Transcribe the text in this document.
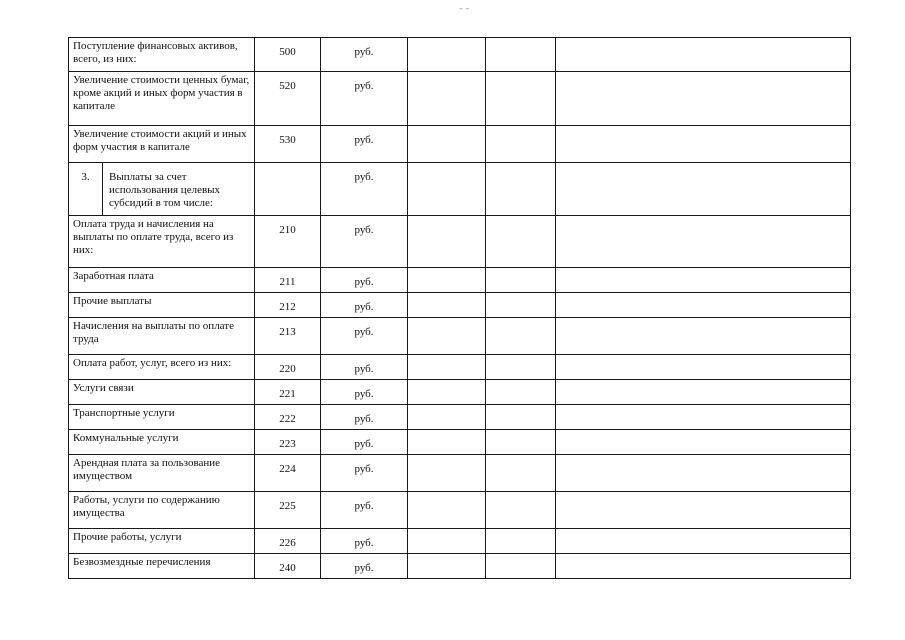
– –
Поступление финансовых активов, всего, из них:	500	руб.			
Увеличение стоимости ценных бумаг, кроме акций и иных форм участия в капитале	520	руб.			
Увеличение стоимости акций и иных форм участия в капитале	530	руб.			

3. Выплаты за счет использования целевых субсидий в том числе:		руб.			
Оплата труда и начисления на выплаты по оплате труда, всего из них:	210	руб.			
Заработная плата	211	руб.			
Прочие выплаты	212	руб.			
Начисления на выплаты по оплате труда	213	руб.			
Оплата работ, услуг, всего из них:	220	руб.			
Услуги связи	221	руб.			
Транспортные услуги	222	руб.			
Коммунальные услуги	223	руб.			
Арендная плата за пользование имуществом	224	руб.			
Работы, услуги по содержанию имущества	225	руб.			
Прочие работы, услуги	226	руб.			
Безвозмездные перечисления	240	руб.			
